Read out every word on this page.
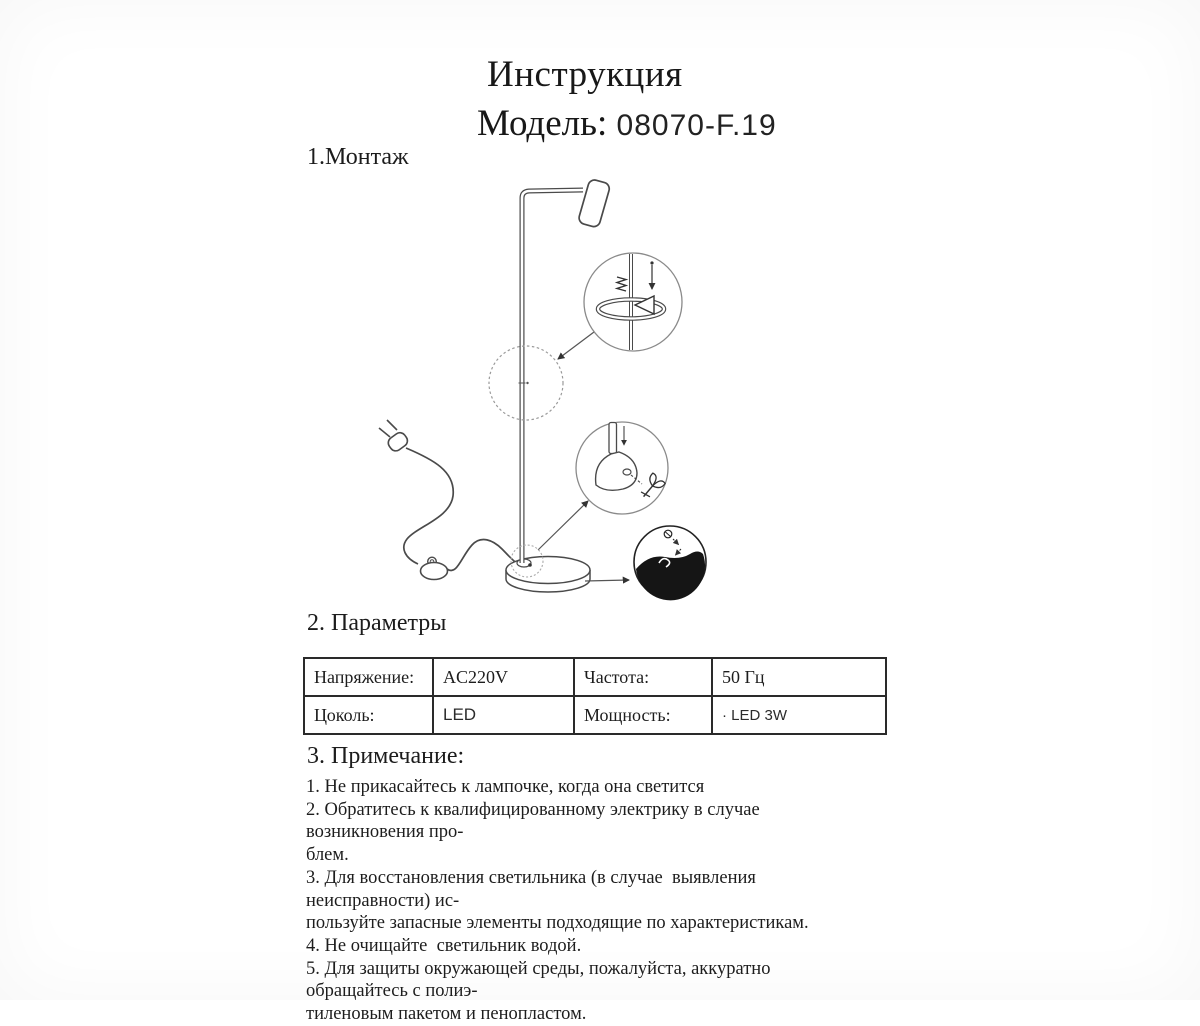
Инструкция
Модель: 08070-F.19
1.Монтаж
2. Параметры
Напряжение:	AC220V	Частота:	50 Гц
Цоколь:	LED	Мощность:	· LED 3W
3. Примечание:
1. Не прикасайтесь к лампочке, когда она светится
2. Обратитесь к квалифицированному электрику в случае возникновения про-
блем.
3. Для восстановления светильника (в случае  выявления неисправности) ис-
пользуйте запасные элементы подходящие по характеристикам.
4. Не очищайте  светильник водой.
5. Для защиты окружающей среды, пожалуйста, аккуратно обращайтесь с полиэ-
тиленовым пакетом и пенопластом.
